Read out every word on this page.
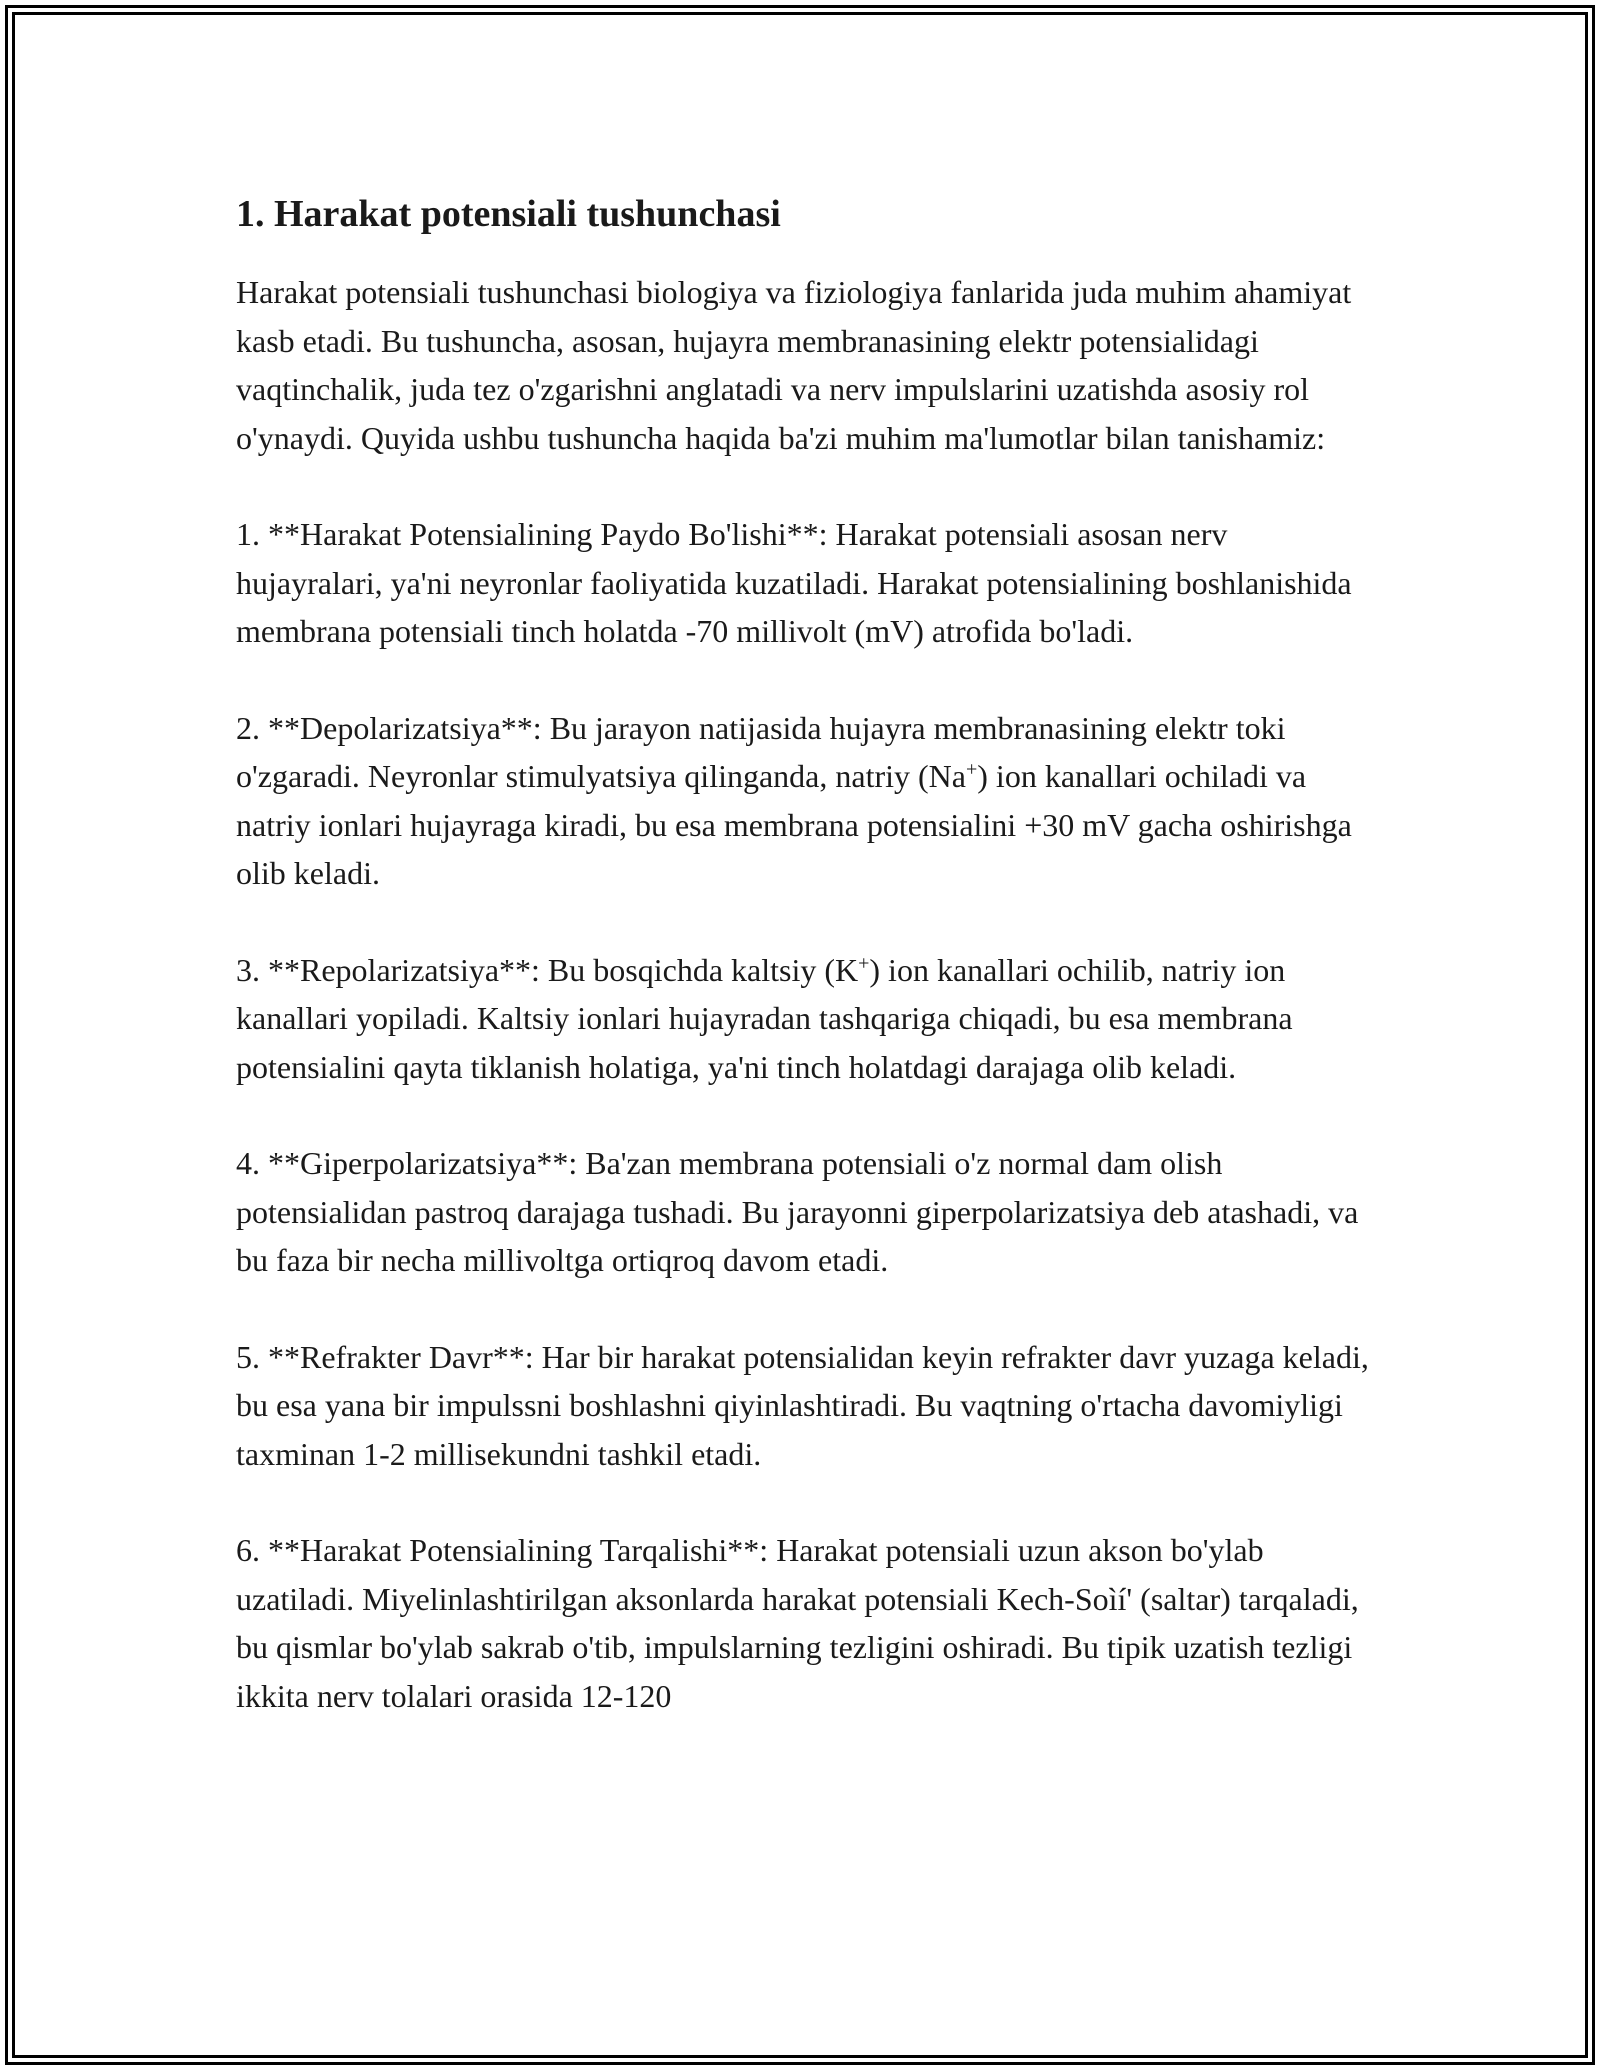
1. Harakat potensiali tushunchasi

Harakat potensiali tushunchasi biologiya va fiziologiya fanlarida juda muhim ahamiyat kasb etadi. Bu tushuncha, asosan, hujayra membranasining elektr potensialidagi vaqtinchalik, juda tez o'zgarishni anglatadi va nerv impulslarini uzatishda asosiy rol o'ynaydi. Quyida ushbu tushuncha haqida ba'zi muhim ma'lumotlar bilan tanishamiz:

1. **Harakat Potensialining Paydo Bo'lishi**: Harakat potensiali asosan nerv hujayralari, ya'ni neyronlar faoliyatida kuzatiladi. Harakat potensialining boshlanishida membrana potensiali tinch holatda -70 millivolt (mV) atrofida bo'ladi.

2. **Depolarizatsiya**: Bu jarayon natijasida hujayra membranasining elektr toki o'zgaradi. Neyronlar stimulyatsiya qilinganda, natriy (Na+) ion kanallari ochiladi va natriy ionlari hujayraga kiradi, bu esa membrana potensialini +30 mV gacha oshirishga olib keladi.

3. **Repolarizatsiya**: Bu bosqichda kaltsiy (K+) ion kanallari ochilib, natriy ion kanallari yopiladi. Kaltsiy ionlari hujayradan tashqariga chiqadi, bu esa membrana potensialini qayta tiklanish holatiga, ya'ni tinch holatdagi darajaga olib keladi.

4. **Giperpolarizatsiya**: Ba'zan membrana potensiali o'z normal dam olish potensialidan pastroq darajaga tushadi. Bu jarayonni giperpolarizatsiya deb atashadi, va bu faza bir necha millivoltga ortiqroq davom etadi.

5. **Refrakter Davr**: Har bir harakat potensialidan keyin refrakter davr yuzaga keladi, bu esa yana bir impulssni boshlashni qiyinlashtiradi. Bu vaqtning o'rtacha davomiyligi taxminan 1-2 millisekundni tashkil etadi.

6. **Harakat Potensialining Tarqalishi**: Harakat potensiali uzun akson bo'ylab uzatiladi. Miyelinlashtirilgan aksonlarda harakat potensiali Kech-Soìí' (saltar) tarqaladi, bu qismlar bo'ylab sakrab o'tib, impulslarning tezligini oshiradi. Bu tipik uzatish tezligi ikkita nerv tolalari orasida 12-120
